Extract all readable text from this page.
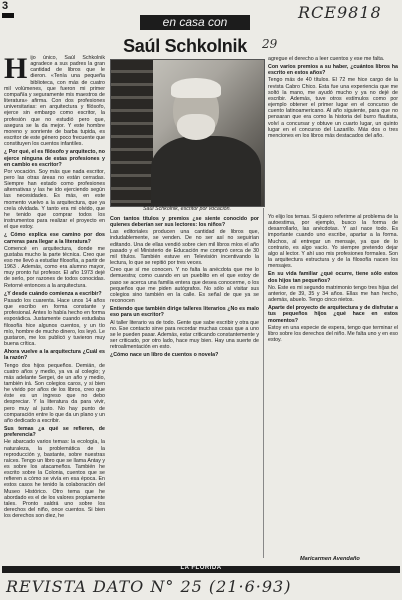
3
en casa con	RCE9818
29
Saúl Schkolnik

Hijo único, Saúl Schkolnik agradece a sus padres la gran cantidad de libros que le dieron. «Tenía una pequeña biblioteca, con más de cuatro mil volúmenes, que fueron mi primer compañía y seguramente mis maestros de literatura» afirma. Con dos profesiones universitarias: en arquitectura y filósofo, ejerce sin embargo como escritor, la profesión que no estudió pero que, asegura se la da mejor. Y este hombre moreno y sonriente de barba tupida, es escritor de este género poco frecuente que constituyen los cuentos infantiles.

¿ Por qué, el es filósofo y arquitecto, no ejerce ninguna de estas profesiones y en cambio es escritor?

Por vocación. Soy más que nada escritor, pero las otras áreas no están cerradas. Siempre han estado como profesiones alternativas y las he ido ejerciendo según las necesidades. Es más, en este momento vuelvo a la arquitectura, que ya creía olvidada. Y tanto era mi olvido, que he tenido que comprar todos los instrumentos para realizar el proyecto en el que estoy.

¿ Cómo explica ese camino por dos carreras para llegar a la literatura?

Comencé en arquitectura, donde me gustaba mucho la parte técnica. Creo que eso me llevó a estudiar filosofía, a partir de 1963 . Además, como era alumno mayor, muy pronto fui profesor. El año 1973 dejé de serlo, por razones de todos conocidas. Retorné entonces a la arquitectura.

¿Y desde cuándo comienza a escribir?

Pasado los cuarenta. Hace unos 14 años que escribo en forma constante y profesional. Antes lo había hecho en forma esporádica. Justamente cuando estudiaba filosofía hice algunos cuentos, y un tío mío, hombre de mucho dinero, los leyó. Le gustaron, me los publicó y tuvieron muy buena crítica.

Ahora vuelve a la arquitectura ¿Cuál es la razón?

Tengo dos hijos pequeños. Demián, de cuatro años y medio, ya va al colegio; y más adelante Sergei, de un año y medio, también irá. Son colegios caros, y si bien he vivido por años de los libros, creo que éste es un ingreso que no debo despreciar. Y la literatura da para vivir, pero muy al justo. No hay punto de comparación entre lo que da un plano y un año dedicado a escribir.

Sus temas ¿a qué se refieren, de preferencia?

He abarcado varios temas: la ecología, la naturaleza, la problemática de la reproducción y, bastante, sobre nuestras raíces. Tengo un libro que se llama Antay y es sobre los atacameños. También he escrito sobre la Colonia, cuentos que se refieren a cómo se vivía en esa época. En estos casos he tenido la colaboración del Museo Histórico. Otro tema que he abordado es el de los valores propiamente tales. Pronto saldrá uno sobre los derechos del niño, once cuentos. Si bien los derechos son diez, he

Saúl Schkolnik, escritor por vocación.

agregue el derecho a leer cuentos y ese me falta.

Con varios premios a su haber, ¿cuántos libros ha escrito en estos años?

Tengo más de 40 títulos. El 72 me hice cargo de la revista Cabro Chico. Esta fue una experiencia que me soltó la mano, me ayudó mucho y ya no dejé de escribir. Además, tuve otros estímulos como por ejemplo obtener el primer lugar en el concurso de cuento latinoamericano. Al año siguiente, para que no pensaran que era como la historia del burro flautista, volví a concursar y obtuve un cuarto lugar, un quinto lugar en el concurso del Lazarillo. Más dos o tres menciones en los libros más destacados del año.

Con tantos títulos y premios ¿se siente conocido por quienes deberían ser sus lectores: los niños?

Las editoriales producen una cantidad de libros que, indudablemente, se venden. De no ser así no seguirían editando. Una de ellas vendió sobre cien mil libros míos el año pasado y el Ministerio de Educación me compró cerca de 30 mil títulos. También estuve en Televisión incentivando la lectura, lo que se repitió por tres veces.

Creo que sí me conocen. Y no falta la anécdota que me lo demuestra; como cuando en un pueblito en el que estoy de paso se acerca una familia entera que desea conocerme, o los pequeños que me piden autógrafos. No sólo al visitar sus colegios sino también en la calle. Es señal de que ya se reconocen

Entiendo que también dirige talleres literarios ¿No es malo eso para un escritor?

Al taller literario va de todo. Gente que sabe escribir y otra que no. Ese contacto sirve para recordar muchas cosas que a uno se le pueden pasar. Además, estar criticando constantemente y ser criticado, por otro lado, hace muy bien. Hay una suerte de retroalimentación en esto.

¿Cómo nace un libro de cuentos o novela?

Yo elijo los temas. Si quiero referirme al problema de la autoestima, por ejemplo, busco la forma de desarrollarlo, las anécdotas. Y así nace todo. Es importante cuando uno escribe, apartar a la forma. Muchos, al entregar un mensaje, ya que de lo contrario, es algo vacío. Yo siempre pretendo dejar algo al lector. Y ahí uso mis profesiones formales. Son la arquitectura estructura y de la filosofía nacen los mensajes.

En su vida familiar ¿qué ocurre, tiene sólo estos dos hijos tan pequeños?

No. Este es mi segundo matrimonio tengo tres hijas del anterior, de 39, 35 y 34 años. Ellas me han hecho, además, abuelo. Tengo cinco nietos.

Aparte del proyecto de arquitectura y de disfrutar a tus pequeños hijos ¿qué hace en estos momentos?

Estoy en una especie de espera, tengo que terminar el libro sobre los derechos del niño. Me falta uno y en eso estoy.

Maricarmen Avendaño
LA FLORIDA
REVISTA DATO N° 25 (21·6·93)
